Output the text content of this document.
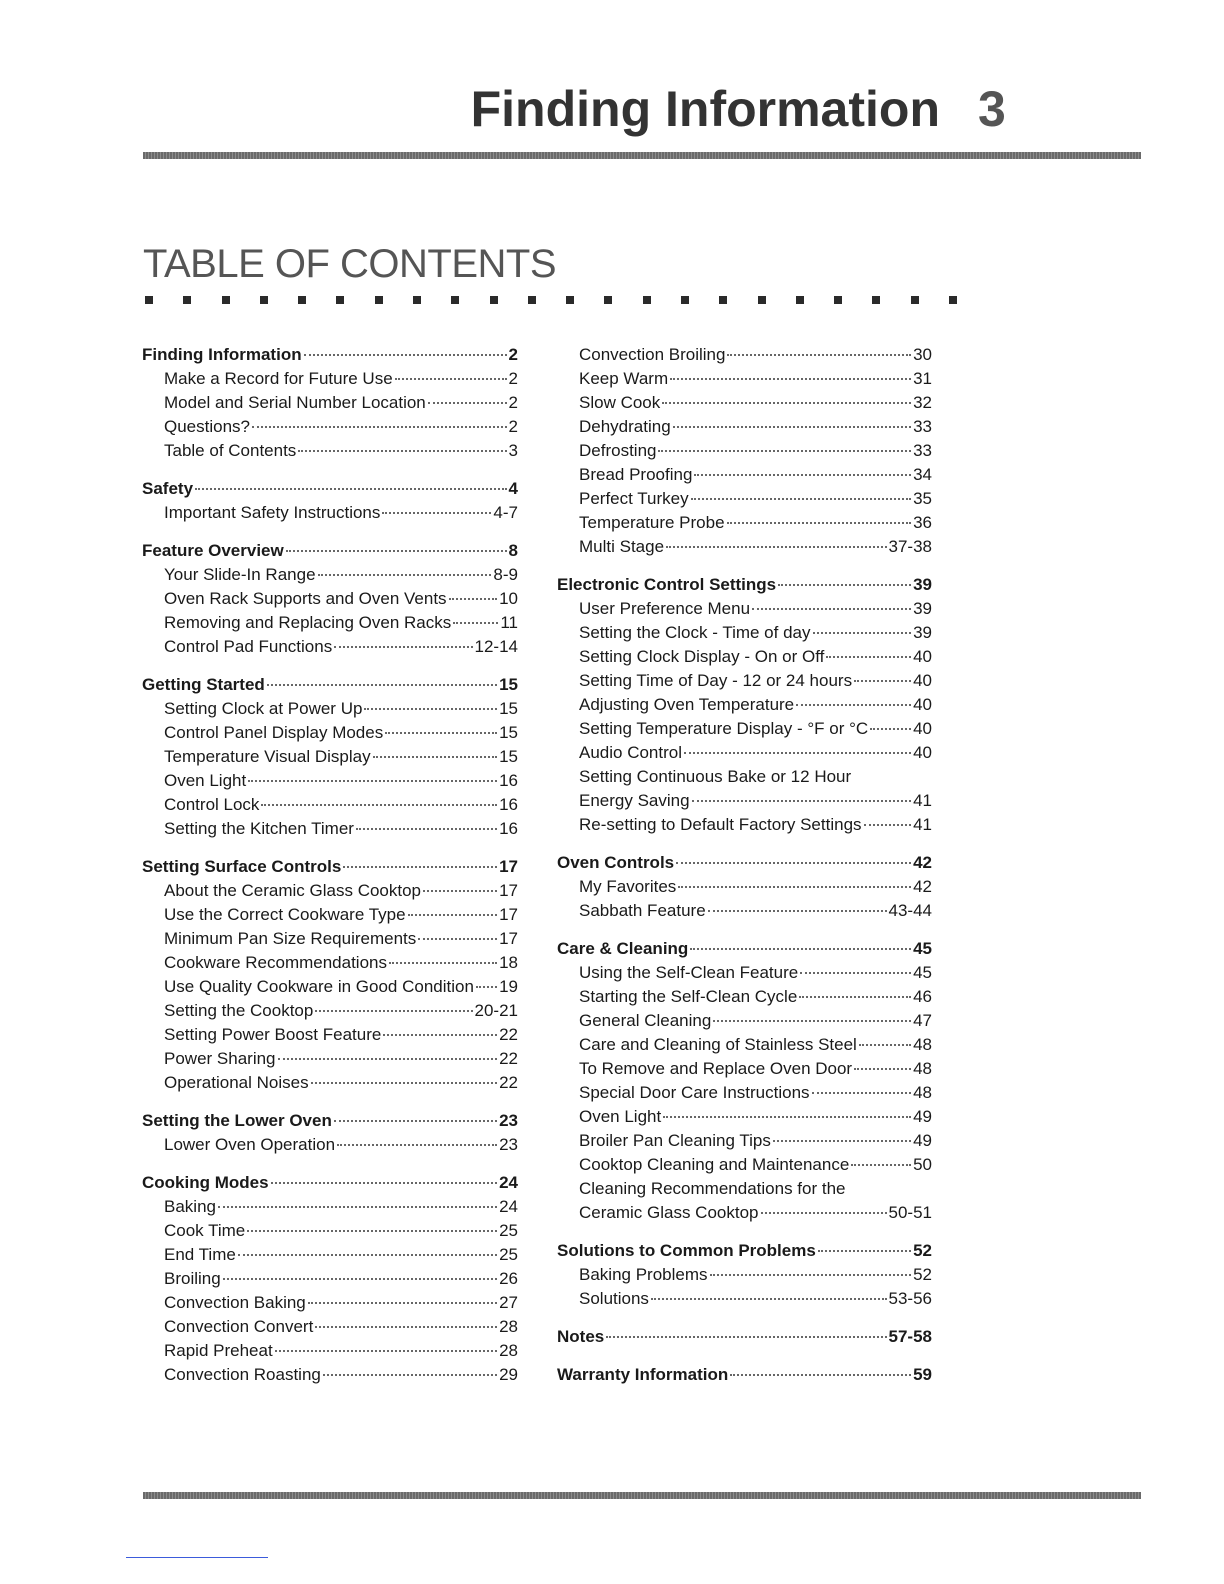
Finding Information 3
TABLE OF CONTENTS
Finding Information	2
Make a Record for Future Use	2
Model and Serial Number Location	2
Questions?	2
Table of Contents	3
Safety	4
Important Safety Instructions	4-7
Feature Overview	8
Your Slide-In Range	8-9
Oven Rack Supports and Oven Vents	10
Removing and Replacing Oven Racks	11
Control Pad Functions	12-14
Getting Started	15
Setting Clock at Power Up	15
Control Panel Display Modes	15
Temperature Visual Display	15
Oven Light	16
Control Lock	16
Setting the Kitchen Timer	16
Setting Surface Controls	17
About the Ceramic Glass Cooktop	17
Use the Correct Cookware Type	17
Minimum Pan Size Requirements	17
Cookware Recommendations	18
Use Quality Cookware in Good Condition 19
Setting the Cooktop	20-21
Setting Power Boost Feature	22
Power Sharing	22
Operational Noises	22
Setting the Lower Oven	23
Lower Oven Operation	23
Cooking Modes	24
Baking	24
Cook Time	25
End Time	25
Broiling	26
Convection Baking	27
Convection Convert	28
Rapid Preheat	28
Convection Roasting	29
Convection Broiling	30
Keep Warm	31
Slow Cook	32
Dehydrating	33
Defrosting	33
Bread Proofing	34
Perfect Turkey	35
Temperature Probe	36
Multi Stage	37-38
Electronic Control Settings	39
User Preference Menu	39
Setting the Clock - Time of day	39
Setting Clock Display - On or Off	40
Setting Time of Day - 12 or 24 hours	40
Adjusting Oven Temperature	40
Setting Temperature Display - °F or °C	40
Audio Control	40
Setting Continuous Bake or 12 Hour
Energy Saving	41
Re-setting to Default Factory Settings	41
Oven Controls	42
My Favorites	42
Sabbath Feature	43-44
Care & Cleaning	45
Using the Self-Clean Feature	45
Starting the Self-Clean Cycle	46
General Cleaning	47
Care and Cleaning of Stainless Steel	48
To Remove and Replace Oven Door	48
Special Door Care Instructions	48
Oven Light	49
Broiler Pan Cleaning Tips	49
Cooktop Cleaning and Maintenance	50
Cleaning Recommendations for the
Ceramic Glass Cooktop	50-51
Solutions to Common Problems	52
Baking Problems	52
Solutions	53-56
Notes	57-58
Warranty Information	59
